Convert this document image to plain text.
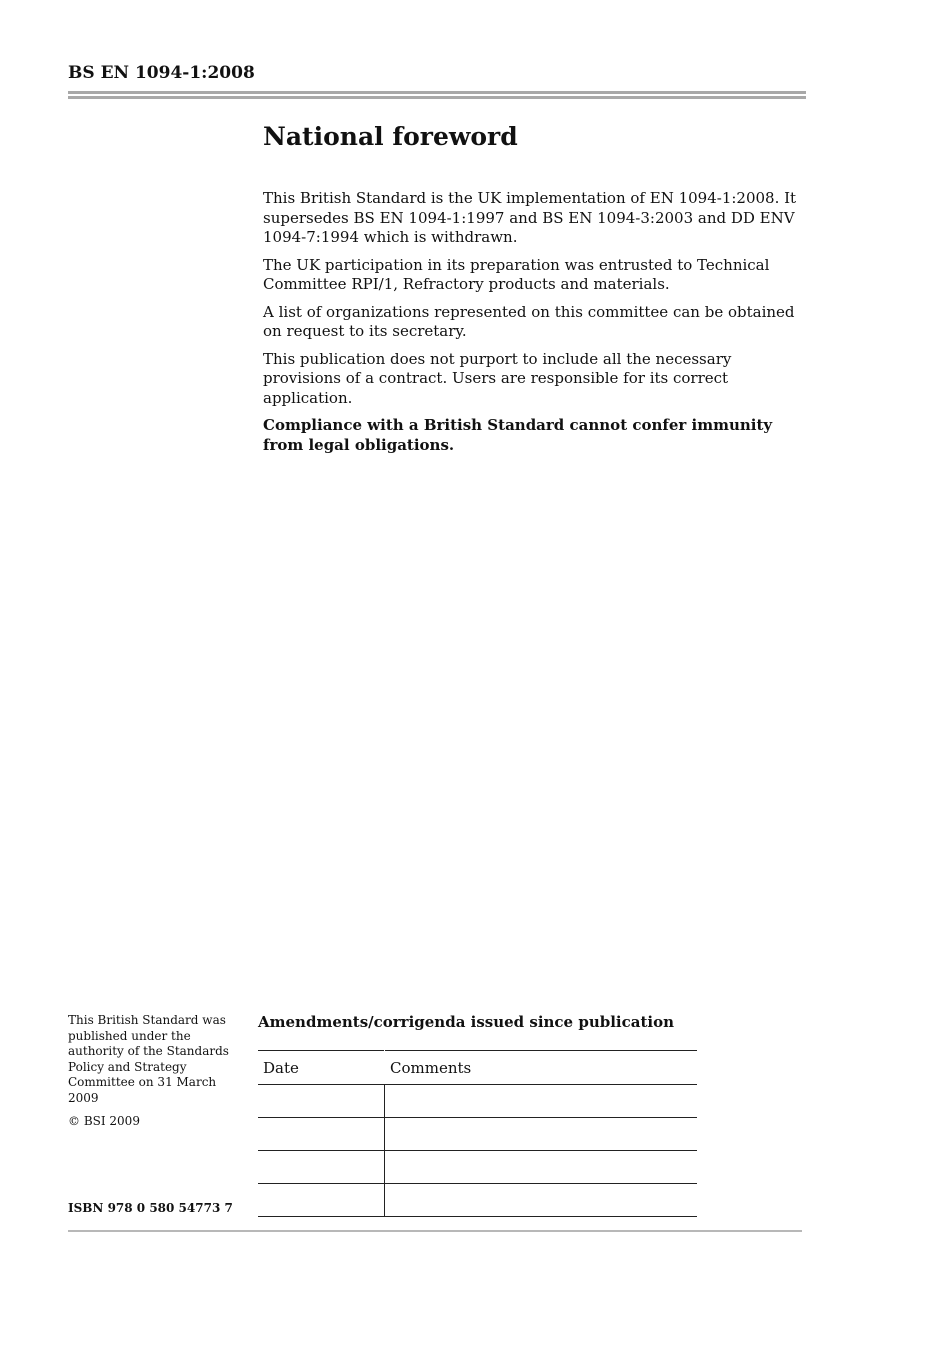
BS EN 1094-1:2008
National foreword

This British Standard is the UK implementation of EN 1094-1:2008. It supersedes BS EN 1094-1:1997 and BS EN 1094-3:2003 and DD ENV 1094-7:1994 which is withdrawn.

The UK participation in its preparation was entrusted to Technical Committee RPI/1, Refractory products and materials.

A list of organizations represented on this committee can be obtained on request to its secretary.

This publication does not purport to include all the necessary provisions of a contract. Users are responsible for its correct application.

Compliance with a British Standard cannot confer immunity from legal obligations.

This British Standard was published under the authority of the Standards Policy and Strategy Committee on 31 March 2009

© BSI 2009

ISBN 978 0 580 54773 7

Amendments/corrigenda issued since publication
Date	Comments
